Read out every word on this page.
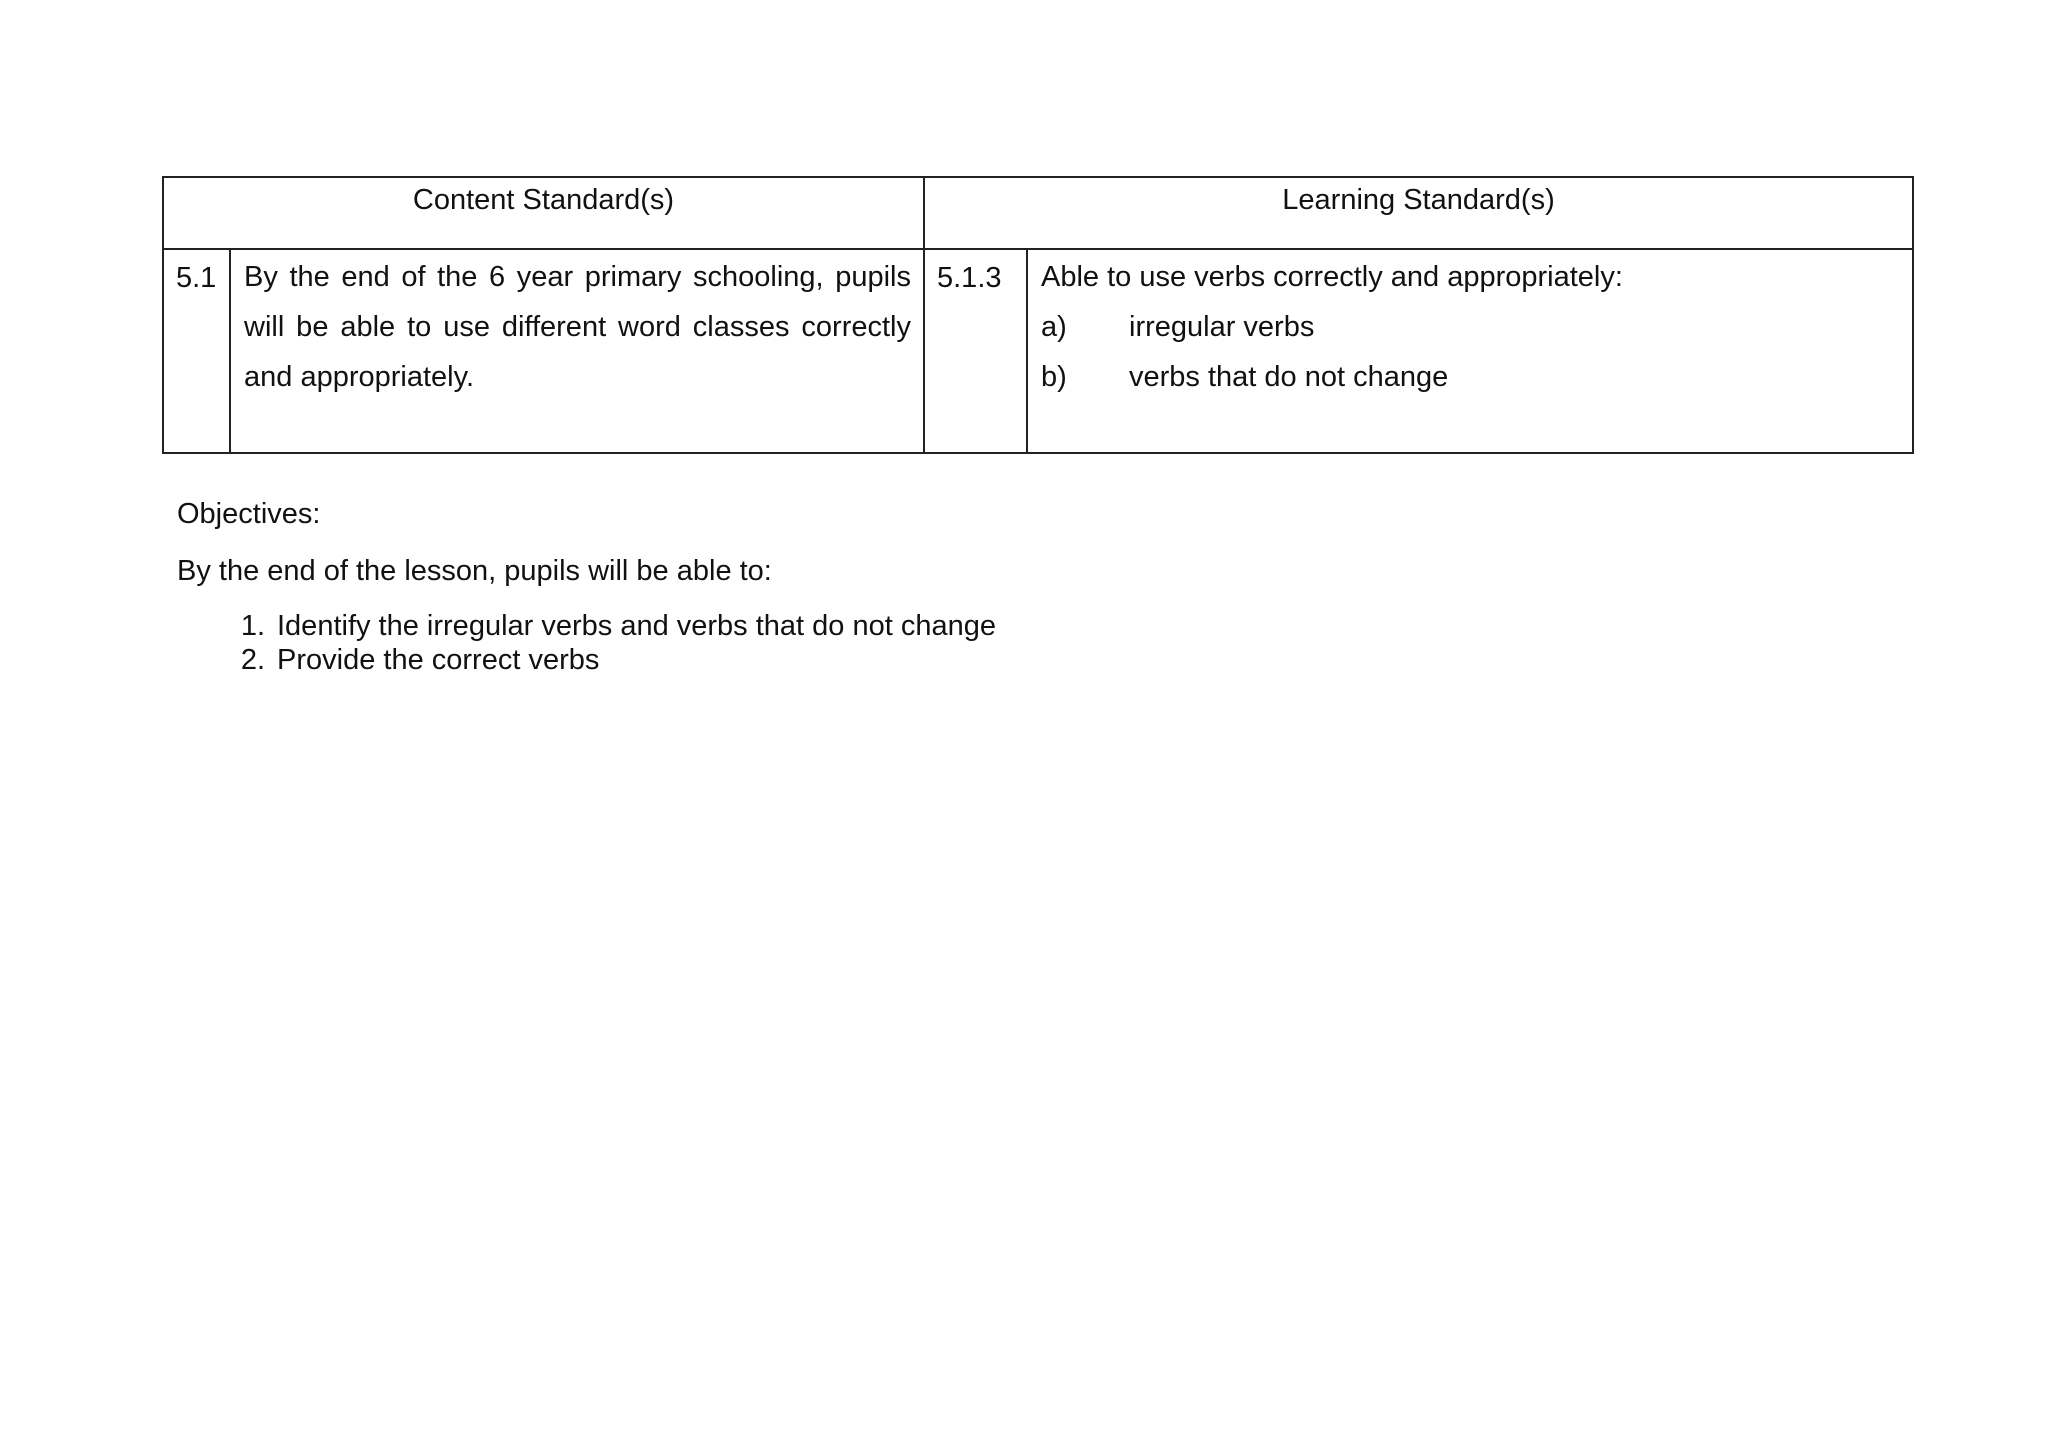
Content Standard(s)		Learning Standard(s)	
5.1	By the end of the 6 year primary schooling, pupils will be able to use different word classes correctly and appropriately.	5.1.3	Able to use verbs correctly and appropriately:
a) irregular verbs
b) verbs that do not change

Objectives:

By the end of the lesson, pupils will be able to:

1. Identify the irregular verbs and verbs that do not change
2. Provide the correct verbs
